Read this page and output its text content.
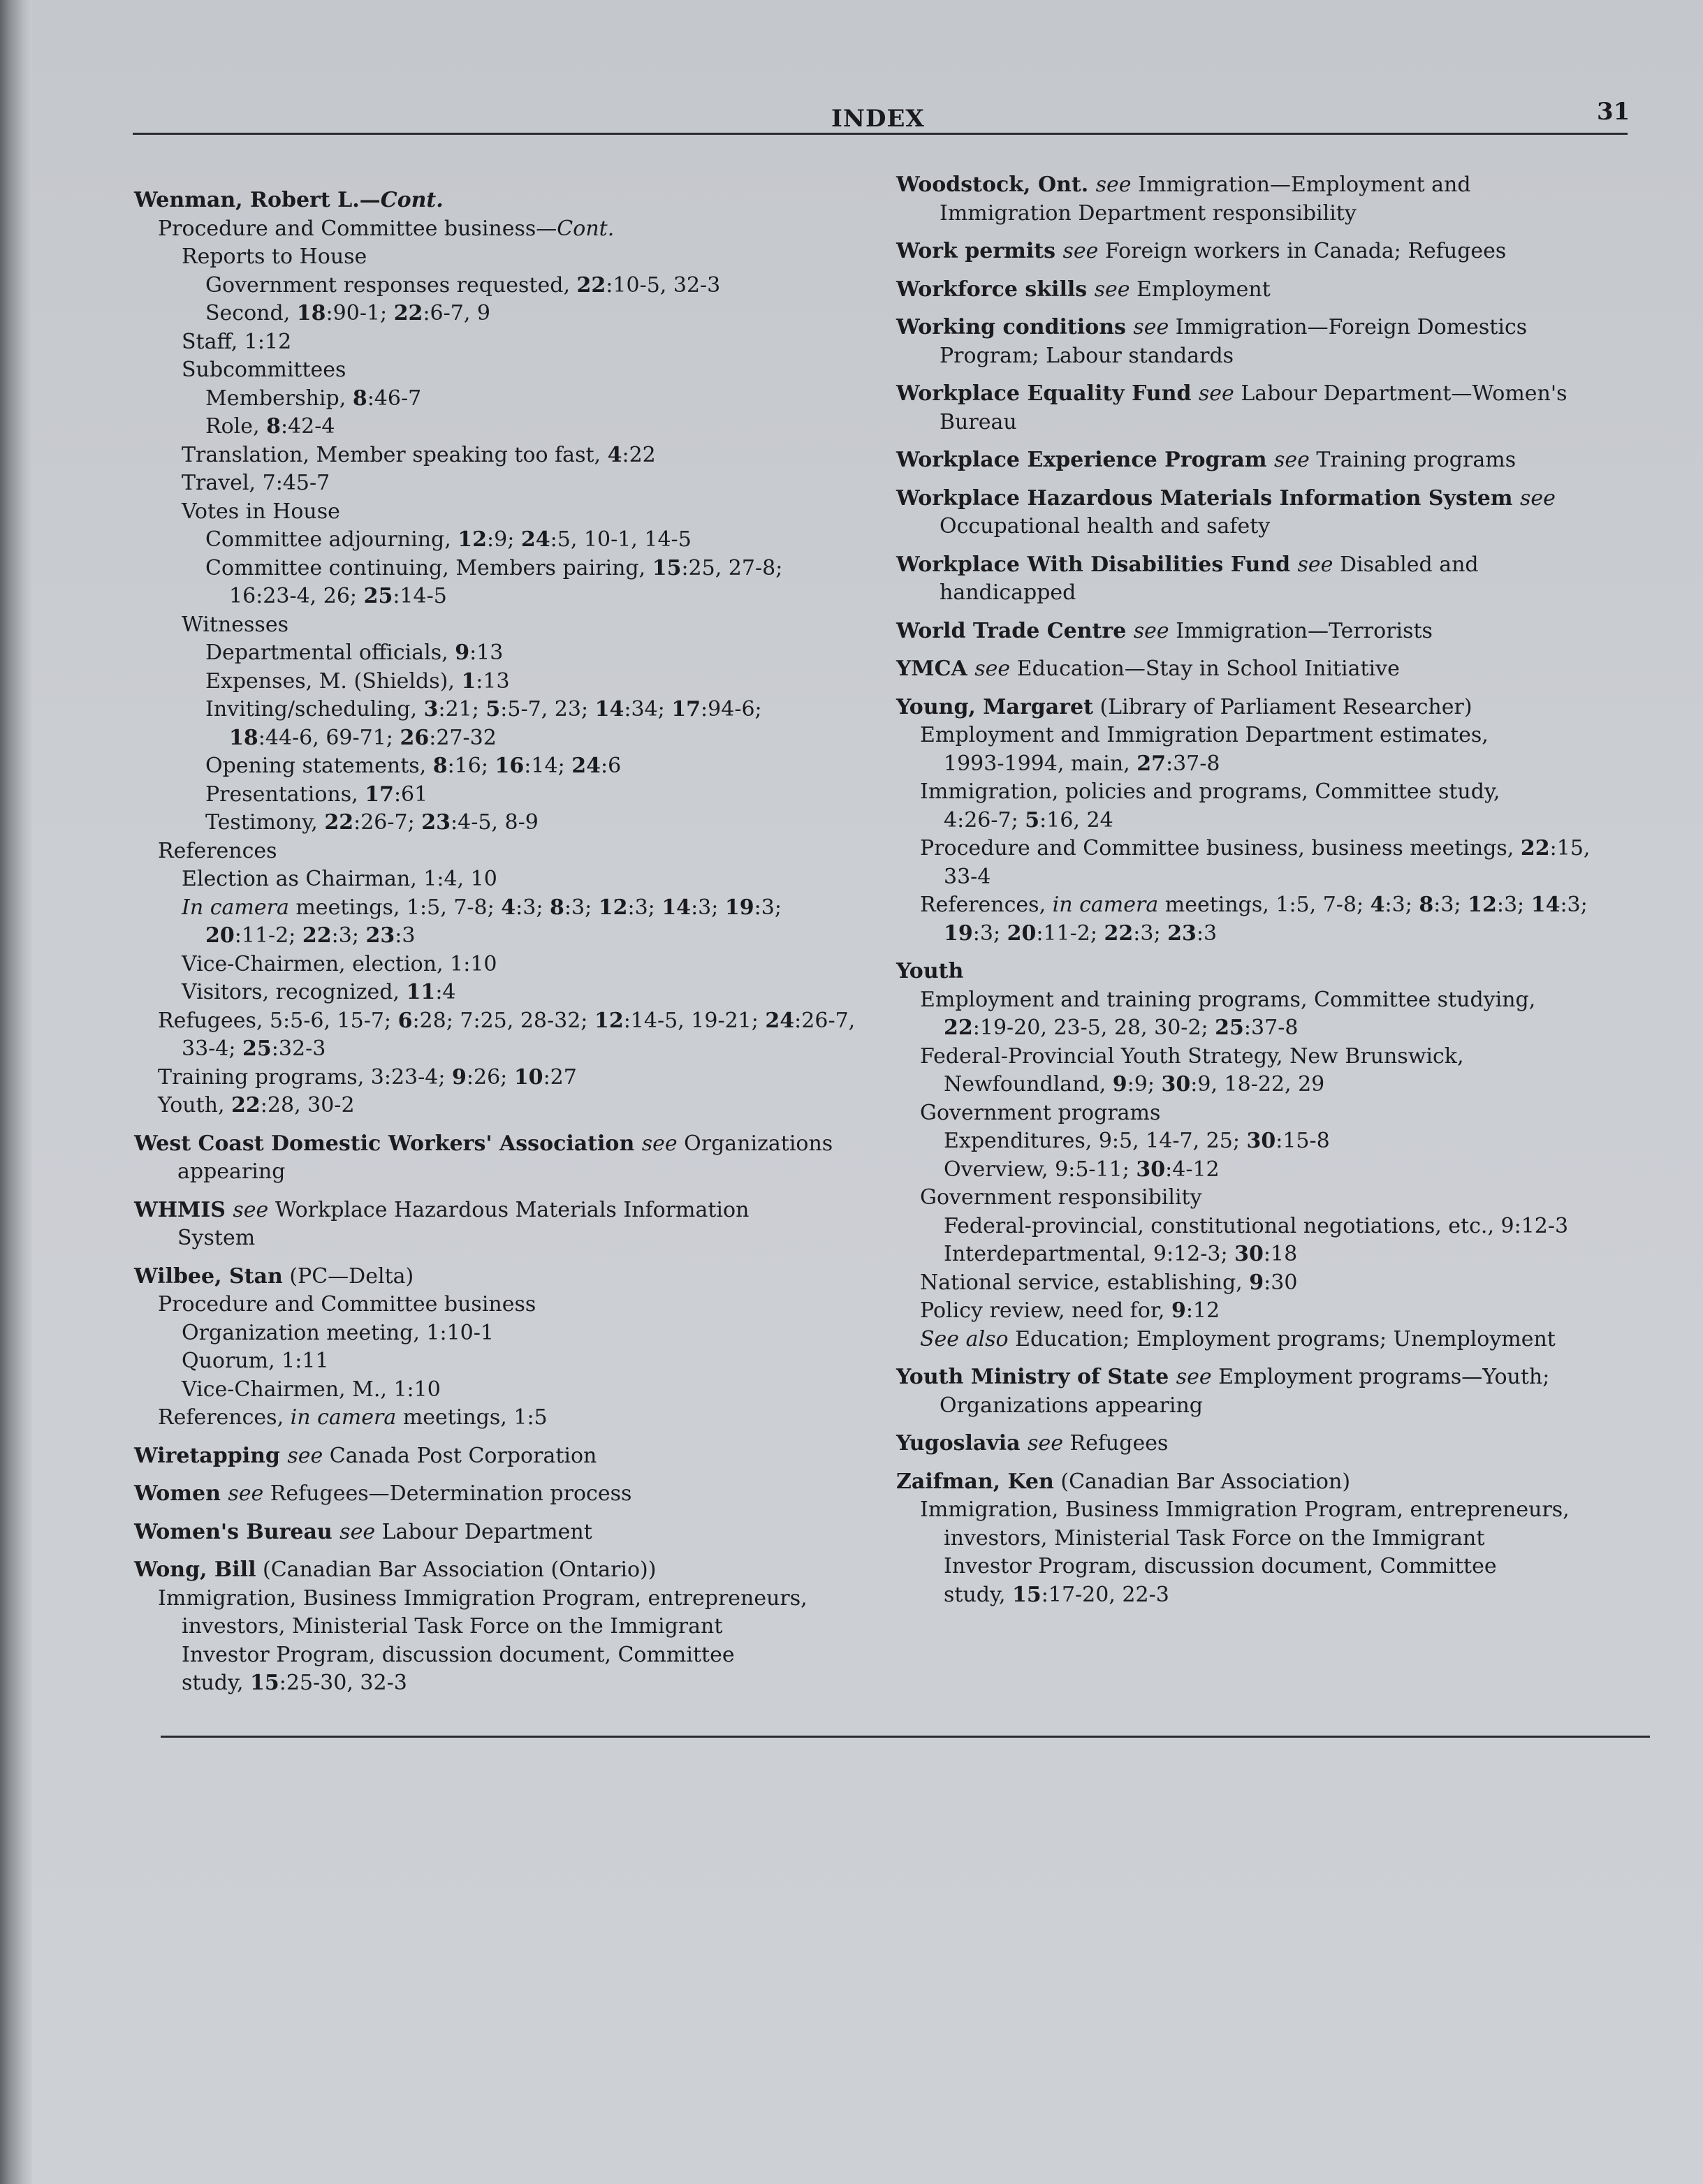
INDEX	31
Wenman, Robert L.—Cont.
Procedure and Committee business—Cont.
Reports to House
Government responses requested, 22:10-5, 32-3
Second, 18:90-1; 22:6-7, 9
Staff, 1:12
Subcommittees
Membership, 8:46-7
Role, 8:42-4
Translation, Member speaking too fast, 4:22
Travel, 7:45-7
Votes in House
Committee adjourning, 12:9; 24:5, 10-1, 14-5
Committee continuing, Members pairing, 15:25, 27-8;
16:23-4, 26; 25:14-5
Witnesses
Departmental officials, 9:13
Expenses, M. (Shields), 1:13
Inviting/scheduling, 3:21; 5:5-7, 23; 14:34; 17:94-6;
18:44-6, 69-71; 26:27-32
Opening statements, 8:16; 16:14; 24:6
Presentations, 17:61
Testimony, 22:26-7; 23:4-5, 8-9
References
Election as Chairman, 1:4, 10
In camera meetings, 1:5, 7-8; 4:3; 8:3; 12:3; 14:3; 19:3;
20:11-2; 22:3; 23:3
Vice-Chairmen, election, 1:10
Visitors, recognized, 11:4
Refugees, 5:5-6, 15-7; 6:28; 7:25, 28-32; 12:14-5, 19-21; 24:26-7,
33-4; 25:32-3
Training programs, 3:23-4; 9:26; 10:27
Youth, 22:28, 30-2
West Coast Domestic Workers' Association see Organizations
appearing
WHMIS see Workplace Hazardous Materials Information
System
Wilbee, Stan (PC—Delta)
Procedure and Committee business
Organization meeting, 1:10-1
Quorum, 1:11
Vice-Chairmen, M., 1:10
References, in camera meetings, 1:5
Wiretapping see Canada Post Corporation
Women see Refugees—Determination process
Women's Bureau see Labour Department
Wong, Bill (Canadian Bar Association (Ontario))
Immigration, Business Immigration Program, entrepreneurs,
investors, Ministerial Task Force on the Immigrant
Investor Program, discussion document, Committee
study, 15:25-30, 32-3
Woodstock, Ont. see Immigration—Employment and
Immigration Department responsibility
Work permits see Foreign workers in Canada; Refugees
Workforce skills see Employment
Working conditions see Immigration—Foreign Domestics
Program; Labour standards
Workplace Equality Fund see Labour Department—Women's
Bureau
Workplace Experience Program see Training programs
Workplace Hazardous Materials Information System see
Occupational health and safety
Workplace With Disabilities Fund see Disabled and
handicapped
World Trade Centre see Immigration—Terrorists
YMCA see Education—Stay in School Initiative
Young, Margaret (Library of Parliament Researcher)
Employment and Immigration Department estimates,
1993-1994, main, 27:37-8
Immigration, policies and programs, Committee study,
4:26-7; 5:16, 24
Procedure and Committee business, business meetings, 22:15,
33-4
References, in camera meetings, 1:5, 7-8; 4:3; 8:3; 12:3; 14:3;
19:3; 20:11-2; 22:3; 23:3
Youth
Employment and training programs, Committee studying,
22:19-20, 23-5, 28, 30-2; 25:37-8
Federal-Provincial Youth Strategy, New Brunswick,
Newfoundland, 9:9; 30:9, 18-22, 29
Government programs
Expenditures, 9:5, 14-7, 25; 30:15-8
Overview, 9:5-11; 30:4-12
Government responsibility
Federal-provincial, constitutional negotiations, etc., 9:12-3
Interdepartmental, 9:12-3; 30:18
National service, establishing, 9:30
Policy review, need for, 9:12
See also Education; Employment programs; Unemployment
Youth Ministry of State see Employment programs—Youth;
Organizations appearing
Yugoslavia see Refugees
Zaifman, Ken (Canadian Bar Association)
Immigration, Business Immigration Program, entrepreneurs,
investors, Ministerial Task Force on the Immigrant
Investor Program, discussion document, Committee
study, 15:17-20, 22-3
